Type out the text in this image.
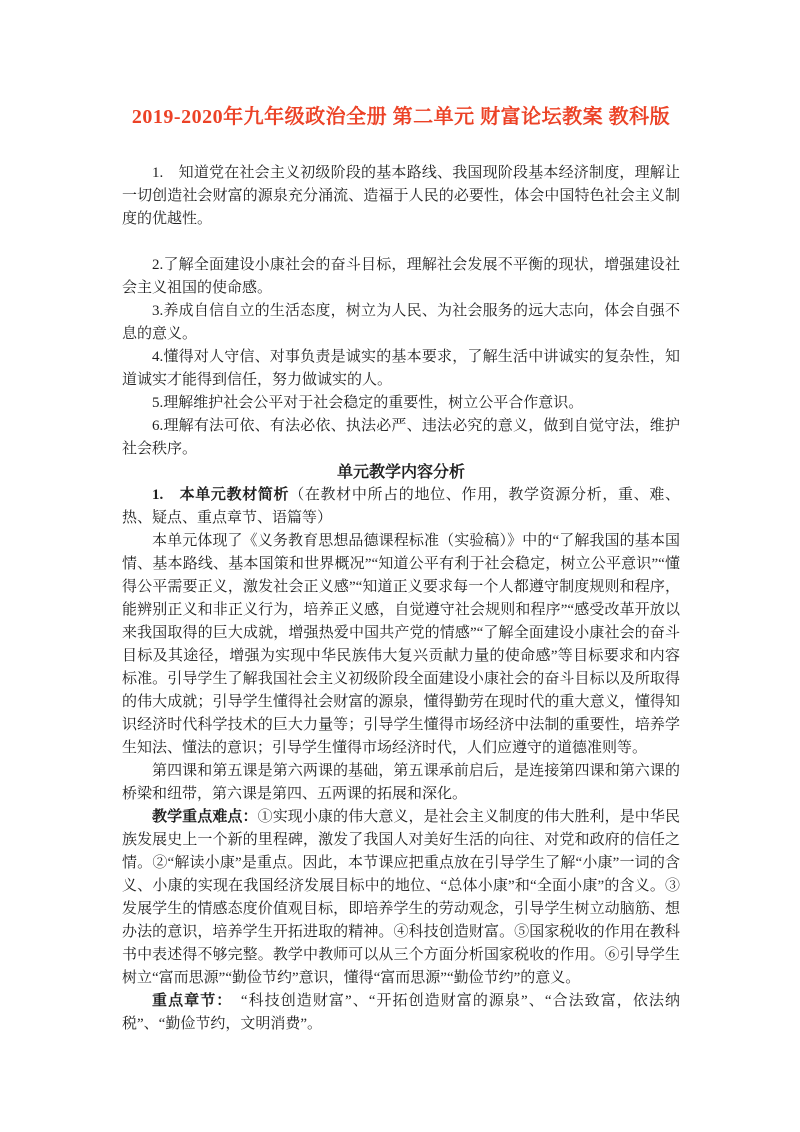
2019-2020年九年级政治全册 第二单元 财富论坛教案 教科版

1.　知道党在社会主义初级阶段的基本路线、我国现阶段基本经济制度，理解让一切创造社会财富的源泉充分涌流、造福于人民的必要性，体会中国特色社会主义制度的优越性。

2.了解全面建设小康社会的奋斗目标，理解社会发展不平衡的现状，增强建设社会主义祖国的使命感。

3.养成自信自立的生活态度，树立为人民、为社会服务的远大志向，体会自强不息的意义。

4.懂得对人守信、对事负责是诚实的基本要求，了解生活中讲诚实的复杂性，知道诚实才能得到信任，努力做诚实的人。

5.理解维护社会公平对于社会稳定的重要性，树立公平合作意识。

6.理解有法可依、有法必依、执法必严、违法必究的意义，做到自觉守法，维护社会秩序。

单元教学内容分析

1.　本单元教材简析（在教材中所占的地位、作用，教学资源分析，重、难、热、疑点、重点章节、语篇等）

本单元体现了《义务教育思想品德课程标准（实验稿）》中的“了解我国的基本国情、基本路线、基本国策和世界概况”“知道公平有利于社会稳定，树立公平意识”“懂得公平需要正义，激发社会正义感”“知道正义要求每一个人都遵守制度规则和程序，能辨别正义和非正义行为，培养正义感，自觉遵守社会规则和程序”“感受改革开放以来我国取得的巨大成就，增强热爱中国共产党的情感”“了解全面建设小康社会的奋斗目标及其途径，增强为实现中华民族伟大复兴贡献力量的使命感”等目标要求和内容标准。引导学生了解我国社会主义初级阶段全面建设小康社会的奋斗目标以及所取得的伟大成就；引导学生懂得社会财富的源泉，懂得勤劳在现时代的重大意义，懂得知识经济时代科学技术的巨大力量等；引导学生懂得市场经济中法制的重要性，培养学生知法、懂法的意识；引导学生懂得市场经济时代，人们应遵守的道德准则等。

第四课和第五课是第六两课的基础，第五课承前启后，是连接第四课和第六课的桥梁和纽带，第六课是第四、五两课的拓展和深化。

教学重点难点：①实现小康的伟大意义，是社会主义制度的伟大胜利，是中华民族发展史上一个新的里程碑，激发了我国人对美好生活的向往、对党和政府的信任之情。②“解读小康”是重点。因此，本节课应把重点放在引导学生了解“小康”一词的含义、小康的实现在我国经济发展目标中的地位、“总体小康”和“全面小康”的含义。③发展学生的情感态度价值观目标，即培养学生的劳动观念，引导学生树立动脑筋、想办法的意识，培养学生开拓进取的精神。④科技创造财富。⑤国家税收的作用在教科书中表述得不够完整。教学中教师可以从三个方面分析国家税收的作用。⑥引导学生树立“富而思源”“勤俭节约”意识，懂得“富而思源”“勤俭节约”的意义。

重点章节：　“科技创造财富”、“开拓创造财富的源泉”、“合法致富，依法纳税”、“勤俭节约，文明消费”。
